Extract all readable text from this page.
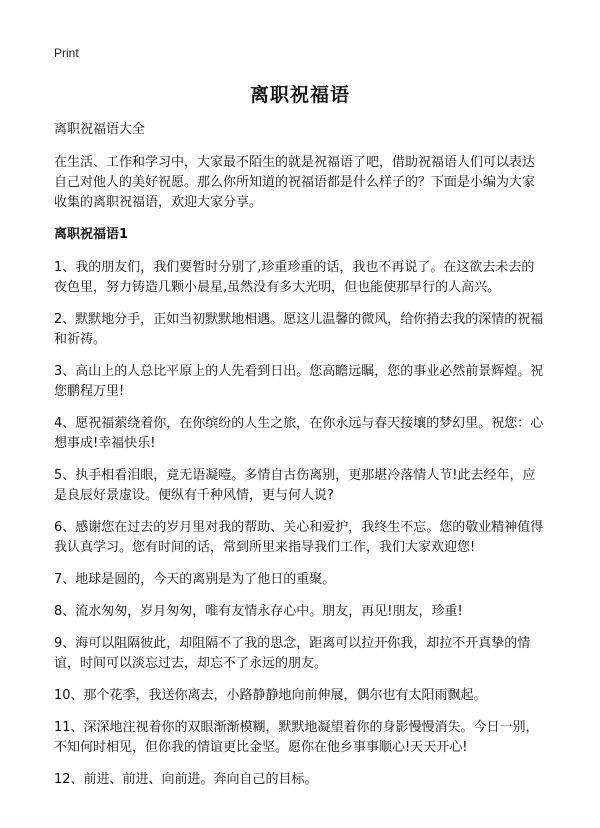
Print
离职祝福语

离职祝福语大全

在生活、工作和学习中，大家最不陌生的就是祝福语了吧，借助祝福语人们可以表达自己对他人的美好祝愿。那么你所知道的祝福语都是什么样子的？下面是小编为大家收集的离职祝福语，欢迎大家分享。

离职祝福语1

1、我的朋友们，我们要暂时分别了,珍重珍重的话，我也不再说了。在这欲去未去的夜色里，努力铸造几颗小晨星,虽然没有多大光明，但也能使那早行的人高兴。

2、默默地分手，正如当初默默地相遇。愿这儿温馨的微风，给你捎去我的深情的祝福和祈祷。

3、高山上的人总比平原上的人先看到日出。您高瞻远瞩，您的事业必然前景辉煌。祝您鹏程万里!

4、愿祝福萦绕着你，在你缤纷的人生之旅，在你永远与春天接壤的梦幻里。祝您：心想事成!幸福快乐!

5、执手相看泪眼，竟无语凝噎。多情自古伤离别，更那堪冷落情人节!此去经年，应是良辰好景虚设。便纵有千种风情，更与何人说?

6、感谢您在过去的岁月里对我的帮助、关心和爱护，我终生不忘。您的敬业精神值得我认真学习。您有时间的话，常到所里来指导我们工作，我们大家欢迎您!

7、地球是圆的，今天的离别是为了他日的重聚。

8、流水匆匆，岁月匆匆，唯有友情永存心中。朋友，再见!朋友，珍重!

9、海可以阻隔彼此，却阻隔不了我的思念，距离可以拉开你我，却拉不开真挚的情谊，时间可以淡忘过去，却忘不了永远的朋友。

10、那个花季，我送你离去，小路静静地向前伸展，偶尔也有太阳雨飘起。

11、深深地注视着你的双眼渐渐模糊，默默地凝望着你的身影慢慢消失。今日一别，不知何时相见，但你我的情谊更比金坚。愿你在他乡事事顺心!天天开心!

12、前进、前进、向前进。奔向自己的目标。
